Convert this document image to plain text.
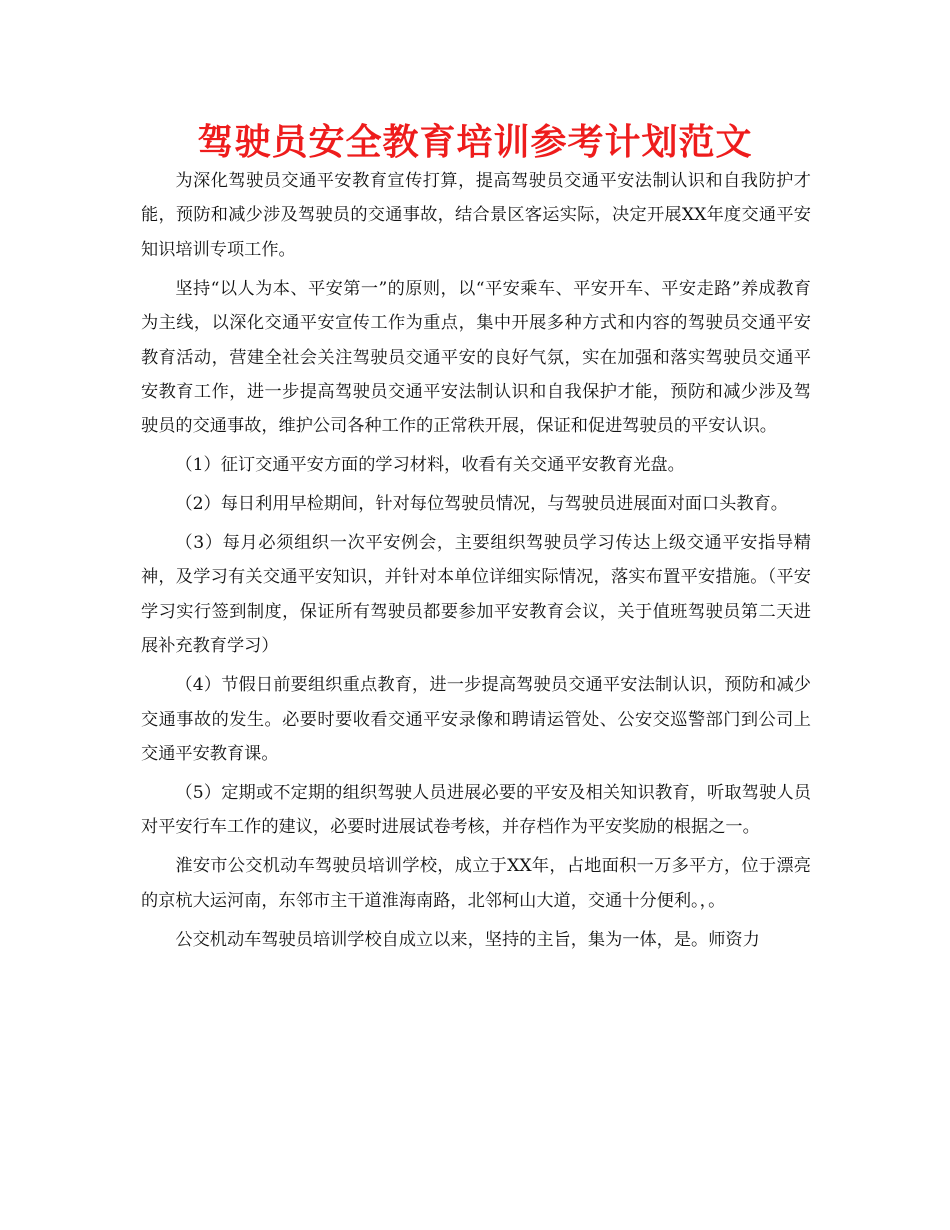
驾驶员安全教育培训参考计划范文

为深化驾驶员交通平安教育宣传打算，提高驾驶员交通平安法制认识和自我防护才能，预防和减少涉及驾驶员的交通事故，结合景区客运实际，决定开展XX年度交通平安知识培训专项工作。

坚持“以人为本、平安第一”的原则，以“平安乘车、平安开车、平安走路”养成教育为主线，以深化交通平安宣传工作为重点，集中开展多种方式和内容的驾驶员交通平安教育活动，营建全社会关注驾驶员交通平安的良好气氛，实在加强和落实驾驶员交通平安教育工作，进一步提高驾驶员交通平安法制认识和自我保护才能，预防和减少涉及驾驶员的交通事故，维护公司各种工作的正常秩开展，保证和促进驾驶员的平安认识。

（1）征订交通平安方面的学习材料，收看有关交通平安教育光盘。

（2）每日利用早检期间，针对每位驾驶员情况，与驾驶员进展面对面口头教育。

（3）每月必须组织一次平安例会，主要组织驾驶员学习传达上级交通平安指导精神，及学习有关交通平安知识，并针对本单位详细实际情况，落实布置平安措施。（平安学习实行签到制度，保证所有驾驶员都要参加平安教育会议，关于值班驾驶员第二天进展补充教育学习）

（4）节假日前要组织重点教育，进一步提高驾驶员交通平安法制认识，预防和减少交通事故的发生。必要时要收看交通平安录像和聘请运管处、公安交巡警部门到公司上交通平安教育课。

（5）定期或不定期的组织驾驶人员进展必要的平安及相关知识教育，听取驾驶人员对平安行车工作的建议，必要时进展试卷考核，并存档作为平安奖励的根据之一。

淮安市公交机动车驾驶员培训学校，成立于XX年，占地面积一万多平方，位于漂亮的京杭大运河南，东邻市主干道淮海南路，北邻柯山大道，交通十分便利。，。

公交机动车驾驶员培训学校自成立以来，坚持的主旨，集为一体，是。师资力
